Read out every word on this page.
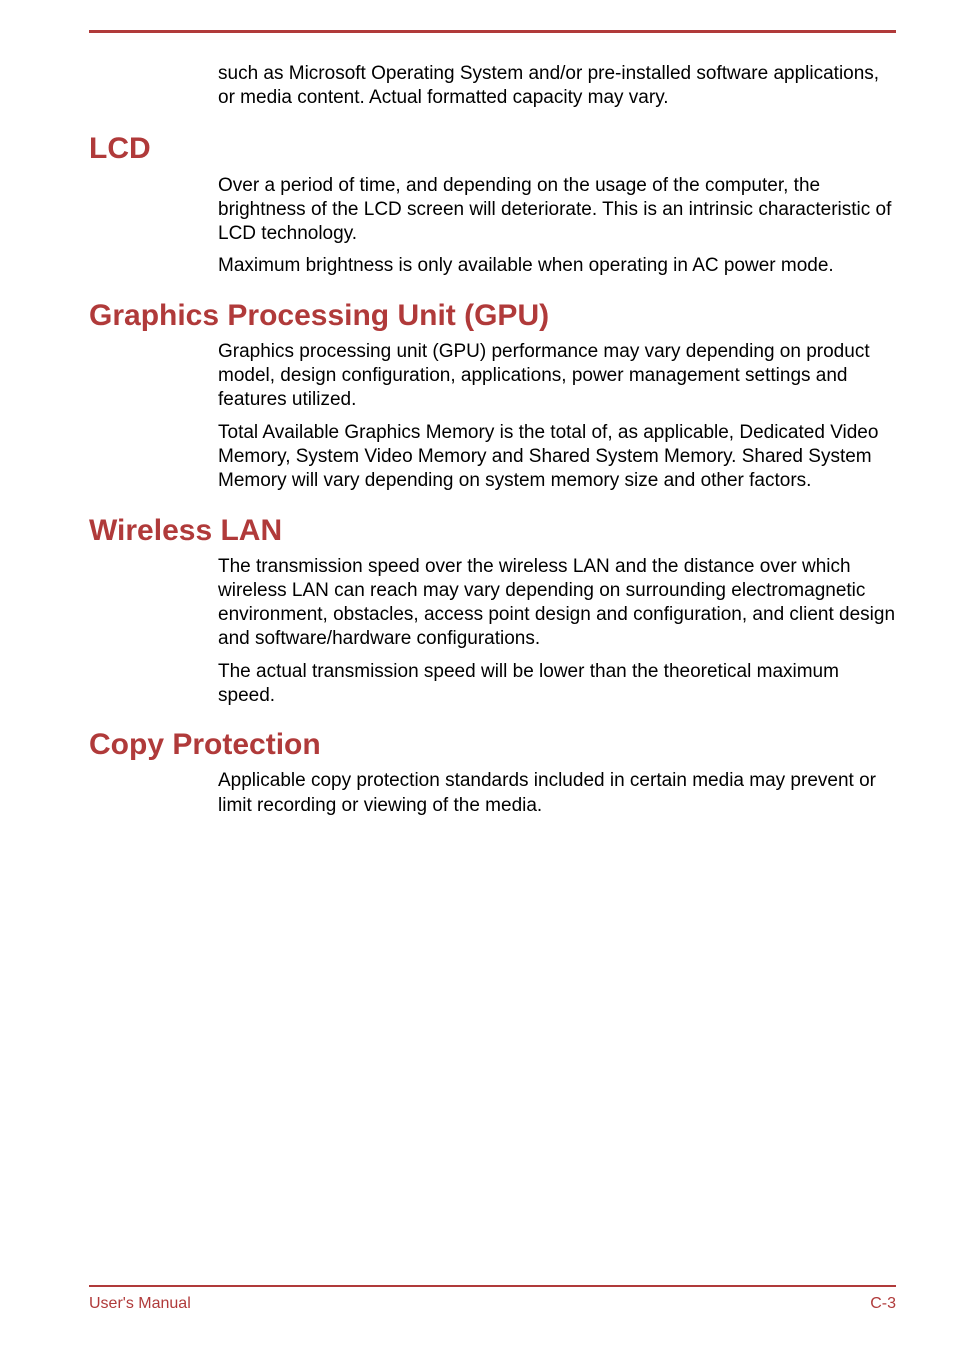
such as Microsoft Operating System and/or pre-installed software applications, or media content. Actual formatted capacity may vary.

LCD

Over a period of time, and depending on the usage of the computer, the brightness of the LCD screen will deteriorate. This is an intrinsic characteristic of LCD technology.

Maximum brightness is only available when operating in AC power mode.

Graphics Processing Unit (GPU)

Graphics processing unit (GPU) performance may vary depending on product model, design configuration, applications, power management settings and features utilized.

Total Available Graphics Memory is the total of, as applicable, Dedicated Video Memory, System Video Memory and Shared System Memory. Shared System Memory will vary depending on system memory size and other factors.

Wireless LAN

The transmission speed over the wireless LAN and the distance over which wireless LAN can reach may vary depending on surrounding electromagnetic environment, obstacles, access point design and configuration, and client design and software/hardware configurations.

The actual transmission speed will be lower than the theoretical maximum speed.

Copy Protection

Applicable copy protection standards included in certain media may prevent or limit recording or viewing of the media.

User's Manual	C-3
